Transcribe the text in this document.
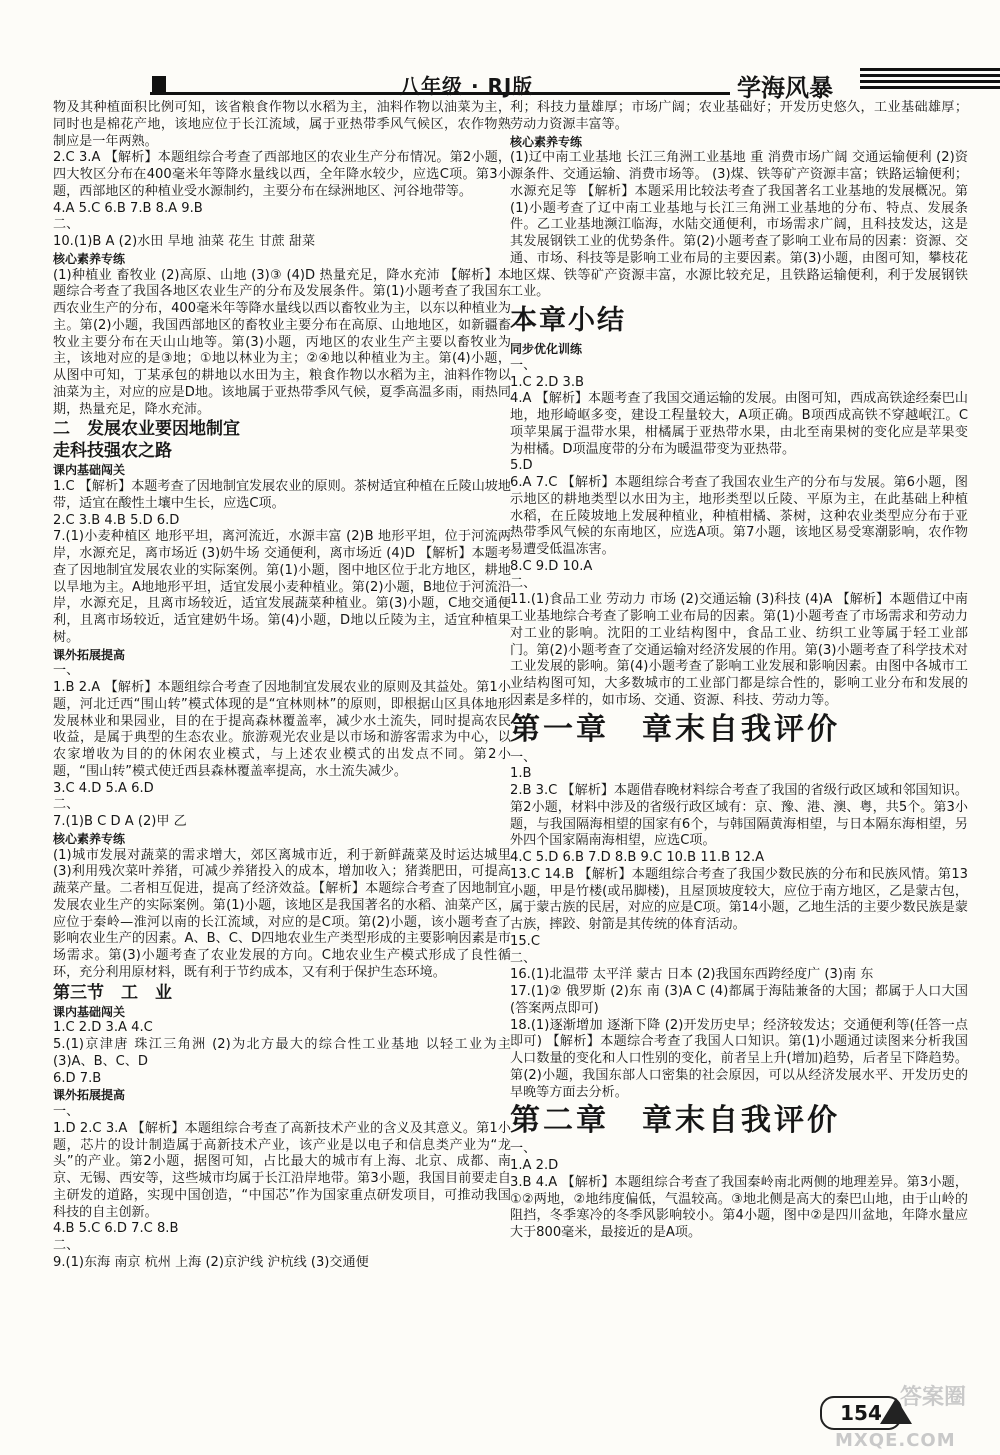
八年级 · RJ版	学海风暴

物及其种植面积比例可知，该省粮食作物以水稻为主，油料作物以油菜为主，同时也是棉花产地，该地应位于长江流域，属于亚热带季风气候区，农作物熟制应是一年两熟。

2.C 3.A 【解析】本题组综合考查了西部地区的农业生产分布情况。第2小题，四大牧区分布在400毫米年等降水量线以西，全年降水较少，应选C项。第3小题，西部地区的种植业受水源制约，主要分布在绿洲地区、河谷地带等。

4.A 5.C 6.B 7.B 8.A 9.B

二、

10.(1)B A (2)水田 旱地 油菜 花生 甘蔗 甜菜

核心素养专练

(1)种植业 畜牧业 (2)高原、山地 (3)③ (4)D 热量充足，降水充沛 【解析】本题综合考查了我国各地区农业生产的分布及发展条件。第(1)小题考查了我国东西农业生产的分布，400毫米年等降水量线以西以畜牧业为主，以东以种植业为主。第(2)小题，我国西部地区的畜牧业主要分布在高原、山地地区，如新疆畜牧业主要分布在天山山地等。第(3)小题，丙地区的农业生产主要以畜牧业为主，该地对应的是③地；①地以林业为主；②④地以种植业为主。第(4)小题，从图中可知，丁某承包的耕地以水田为主，粮食作物以水稻为主，油料作物以油菜为主，对应的应是D地。该地属于亚热带季风气候，夏季高温多雨，雨热同期，热量充足，降水充沛。

二　发展农业要因地制宜

走科技强农之路

课内基础闯关

1.C 【解析】本题考查了因地制宜发展农业的原则。茶树适宜种植在丘陵山坡地带，适宜在酸性土壤中生长，应选C项。

2.C 3.B 4.B 5.D 6.D

7.(1)小麦种植区 地形平坦，离河流近，水源丰富 (2)B 地形平坦，位于河流两岸，水源充足，离市场近 (3)奶牛场 交通便利，离市场近 (4)D 【解析】本题考查了因地制宜发展农业的实际案例。第(1)小题，图中地区位于北方地区，耕地以旱地为主。A地地形平坦，适宜发展小麦种植业。第(2)小题，B地位于河流沿岸，水源充足，且离市场较近，适宜发展蔬菜种植业。第(3)小题，C地交通便利，且离市场较近，适宜建奶牛场。第(4)小题，D地以丘陵为主，适宜种植果树。

课外拓展提高

一、

1.B 2.A 【解析】本题组综合考查了因地制宜发展农业的原则及其益处。第1小题，河北迁西“围山转”模式体现的是“宜林则林”的原则，即根据山区具体地形发展林业和果园业，目的在于提高森林覆盖率，减少水土流失，同时提高农民收益，是属于典型的生态农业。旅游观光农业是以市场和游客需求为中心，以农家增收为目的的休闲农业模式，与上述农业模式的出发点不同。第2小题，“围山转”模式使迁西县森林覆盖率提高，水土流失减少。

3.C 4.D 5.A 6.D

二、

7.(1)B C D A (2)甲 乙

核心素养专练

(1)城市发展对蔬菜的需求增大，郊区离城市近，利于新鲜蔬菜及时运达城里 (3)利用残次菜叶养猪，可减少养猪投入的成本，增加收入；猪粪肥田，可提高蔬菜产量。二者相互促进，提高了经济效益。【解析】本题综合考查了因地制宜发展农业生产的实际案例。第(1)小题，该地区是我国著名的水稻、油菜产区，应位于秦岭—淮河以南的长江流域，对应的是C项。第(2)小题，该小题考查了影响农业生产的因素。A、B、C、D四地农业生产类型形成的主要影响因素是市场需求。第(3)小题考查了农业发展的方向。C地农业生产模式形成了良性循环，充分利用原材料，既有利于节约成本，又有利于保护生态环境。

第三节　工　业

课内基础闯关

1.C 2.D 3.A 4.C

5.(1)京津唐 珠江三角洲 (2)为北方最大的综合性工业基地 以轻工业为主 (3)A、B、C、D

6.D 7.B

课外拓展提高

一、

1.D 2.C 3.A 【解析】本题组综合考查了高新技术产业的含义及其意义。第1小题，芯片的设计制造属于高新技术产业，该产业是以电子和信息类产业为“龙头”的产业。第2小题，据图可知，占比最大的城市有上海、北京、成都、南京、无锡、西安等，这些城市均属于长江沿岸地带。第3小题，我国目前要走自主研发的道路，实现中国创造，“中国芯”作为国家重点研发项目，可推动我国科技的自主创新。

4.B 5.C 6.D 7.C 8.B

二、

9.(1)东海 南京 杭州 上海 (2)京沪线 沪杭线 (3)交通便

利；科技力量雄厚；市场广阔；农业基础好；开发历史悠久，工业基础雄厚；劳动力资源丰富等。

核心素养专练

(1)辽中南工业基地 长江三角洲工业基地 重 消费市场广阔 交通运输便利 (2)资源条件、交通运输、消费市场等。 (3)煤、铁等矿产资源丰富；铁路运输便利；水源充足等 【解析】本题采用比较法考查了我国著名工业基地的发展概况。第(1)小题考查了辽中南工业基地与长江三角洲工业基地的分布、特点、发展条件。乙工业基地濒江临海，水陆交通便利，市场需求广阔，且科技发达，这是其发展钢铁工业的优势条件。第(2)小题考查了影响工业布局的因素：资源、交通、市场、科技等是影响工业布局的主要因素。第(3)小题，由图可知，攀枝花地区煤、铁等矿产资源丰富，水源比较充足，且铁路运输便利，利于发展钢铁工业。

本章小结

同步优化训练

一、

1.C 2.D 3.B

4.A 【解析】本题考查了我国交通运输的发展。由图可知，西成高铁途经秦巴山地，地形崎岖多变，建设工程量较大，A项正确。B项西成高铁不穿越岷江。C项苹果属于温带水果，柑橘属于亚热带水果，由北至南果树的变化应是苹果变为柑橘。D项温度带的分布为暖温带变为亚热带。

5.D

6.A 7.C 【解析】本题组综合考查了我国农业生产的分布与发展。第6小题，图示地区的耕地类型以水田为主，地形类型以丘陵、平原为主，在此基础上种植水稻，在丘陵坡地上发展种植业，种植柑橘、茶树，这种农业类型应分布于亚热带季风气候的东南地区，应选A项。第7小题，该地区易受寒潮影响，农作物易遭受低温冻害。

8.C 9.D 10.A

二、

11.(1)食品工业 劳动力 市场 (2)交通运输 (3)科技 (4)A 【解析】本题借辽中南工业基地综合考查了影响工业布局的因素。第(1)小题考查了市场需求和劳动力对工业的影响。沈阳的工业结构图中，食品工业、纺织工业等属于轻工业部门。第(2)小题考查了交通运输对经济发展的作用。第(3)小题考查了科学技术对工业发展的影响。第(4)小题考查了影响工业发展和影响因素。由图中各城市工业结构图可知，大多数城市的工业部门都是综合性的，影响工业分布和发展的因素是多样的，如市场、交通、资源、科技、劳动力等。

第一章　章末自我评价

一、

1.B

2.B 3.C 【解析】本题借春晚材料综合考查了我国的省级行政区域和邻国知识。第2小题，材料中涉及的省级行政区域有：京、豫、港、澳、粤，共5个。第3小题，与我国隔海相望的国家有6个，与韩国隔黄海相望，与日本隔东海相望，另外四个国家隔南海相望，应选C项。

4.C 5.D 6.B 7.D 8.B 9.C 10.B 11.B 12.A

13.C 14.B 【解析】本题组综合考查了我国少数民族的分布和民族风情。第13小题，甲是竹楼(或吊脚楼)，且屋顶坡度较大，应位于南方地区，乙是蒙古包，属于蒙古族的民居，对应的应是C项。第14小题，乙地生活的主要少数民族是蒙古族，摔跤、射箭是其传统的体育活动。

15.C

二、

16.(1)北温带 太平洋 蒙古 日本 (2)我国东西跨经度广 (3)南 东

17.(1)② 俄罗斯 (2)东 南 (3)A C (4)都属于海陆兼备的大国；都属于人口大国(答案两点即可)

18.(1)逐渐增加 逐渐下降 (2)开发历史早；经济较发达；交通便利等(任答一点即可) 【解析】本题综合考查了我国人口知识。第(1)小题通过读图来分析我国人口数量的变化和人口性别的变化，前者呈上升(增加)趋势，后者呈下降趋势。第(2)小题，我国东部人口密集的社会原因，可以从经济发展水平、开发历史的早晚等方面去分析。

第二章　章末自我评价

一、

1.A 2.D

3.B 4.A 【解析】本题组综合考查了我国秦岭南北两侧的地理差异。第3小题，①②两地，②地纬度偏低，气温较高。③地北侧是高大的秦巴山地，由于山岭的阻挡，冬季寒冷的冬季风影响较小。第4小题，图中②是四川盆地，年降水量应大于800毫米，最接近的是A项。

154
答案圈
MXQE.COM
